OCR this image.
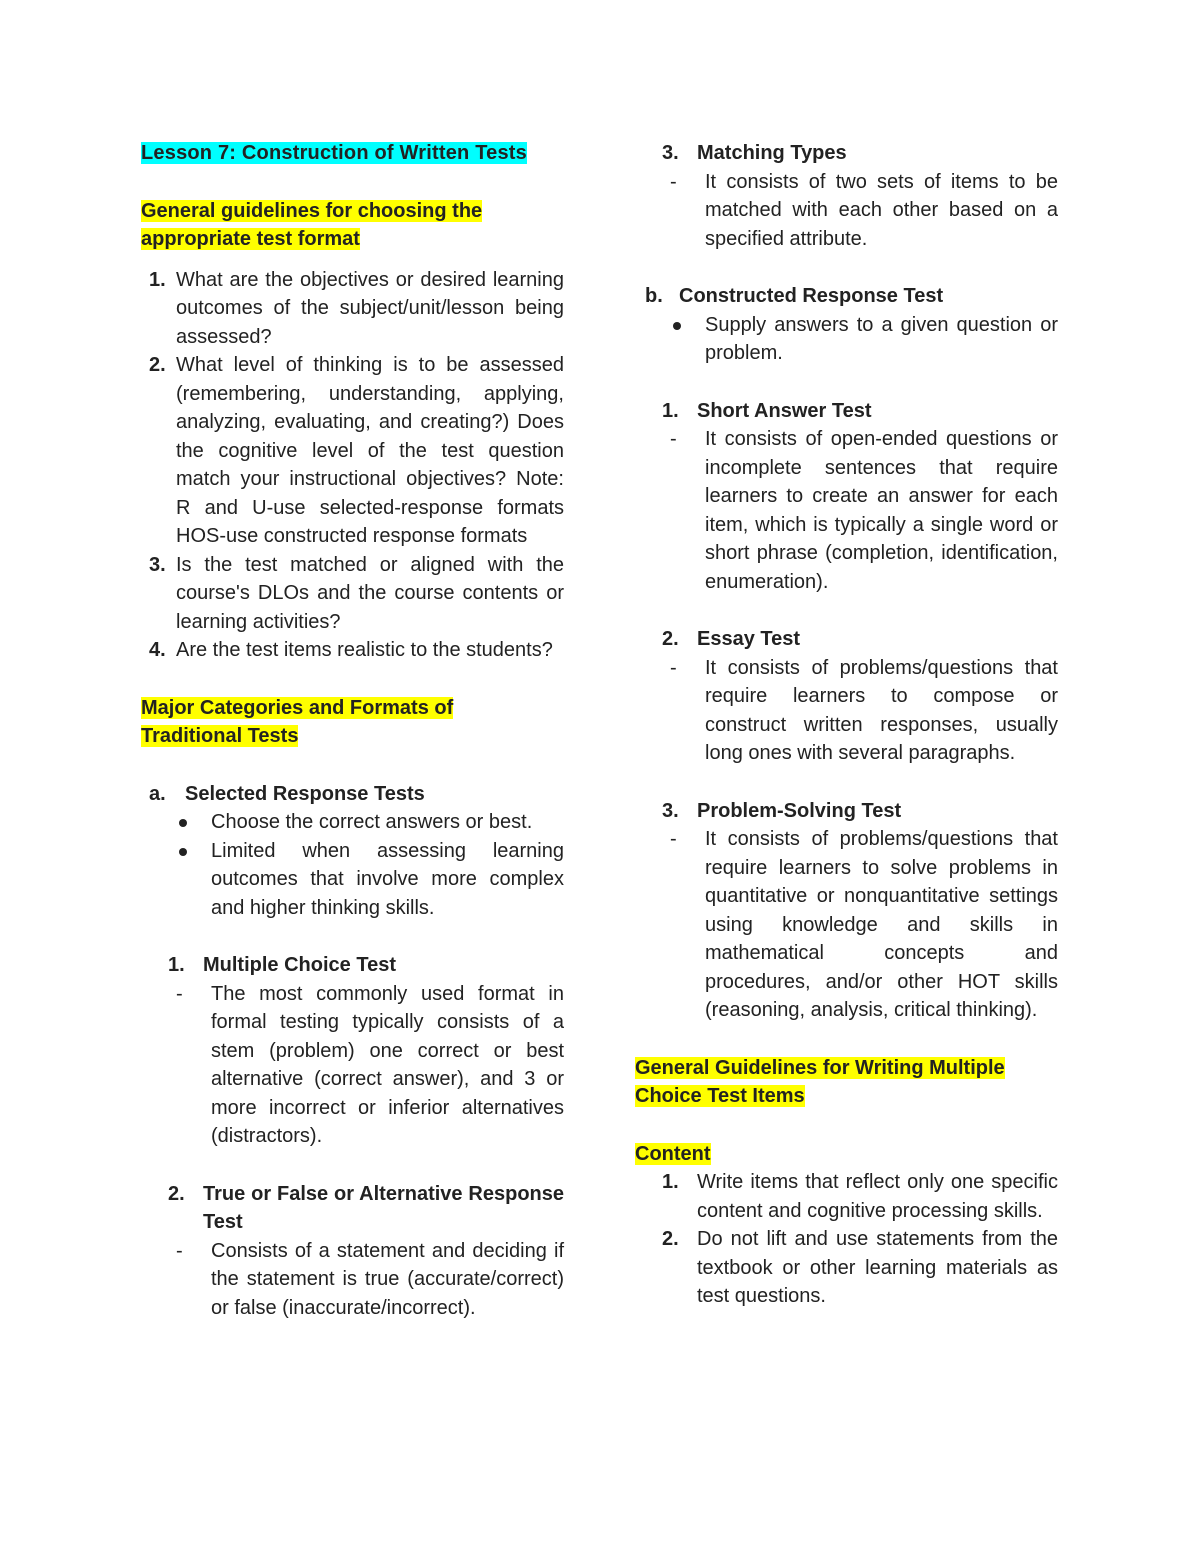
Lesson 7: Construction of Written Tests

General guidelines for choosing the
appropriate test format

1. What are the objectives or desired learning outcomes of the subject/unit/lesson being assessed?
2. What level of thinking is to be assessed (remembering, understanding, applying, analyzing, evaluating, and creating?) Does the cognitive level of the test question match your instructional objectives? Note: R and U-use selected-response formats HOS-use constructed response formats
3. Is the test matched or aligned with the course's DLOs and the course contents or learning activities?
4. Are the test items realistic to the students?

Major Categories and Formats of
Traditional Tests

a. Selected Response Tests
Choose the correct answers or best.
Limited when assessing learning outcomes that involve more complex and higher thinking skills.
1. Multiple Choice Test
- The most commonly used format in formal testing typically consists of a stem (problem) one correct or best alternative (correct answer), and 3 or more incorrect or inferior alternatives (distractors).
2. True or False or Alternative Response Test
- Consists of a statement and deciding if the statement is true (accurate/correct) or false (inaccurate/incorrect).
3. Matching Types
- It consists of two sets of items to be matched with each other based on a specified attribute.
b. Constructed Response Test
Supply answers to a given question or problem.
1. Short Answer Test
- It consists of open-ended questions or incomplete sentences that require learners to create an answer for each item, which is typically a single word or short phrase (completion, identification, enumeration).
2. Essay Test
- It consists of problems/questions that require learners to compose or construct written responses, usually long ones with several paragraphs.
3. Problem-Solving Test
- It consists of problems/questions that require learners to solve problems in quantitative or nonquantitative settings using knowledge and skills in mathematical concepts and procedures, and/or other HOT skills (reasoning, analysis, critical thinking).

General Guidelines for Writing Multiple
Choice Test Items

Content

1. Write items that reflect only one specific content and cognitive processing skills.
2. Do not lift and use statements from the textbook or other learning materials as test questions.
